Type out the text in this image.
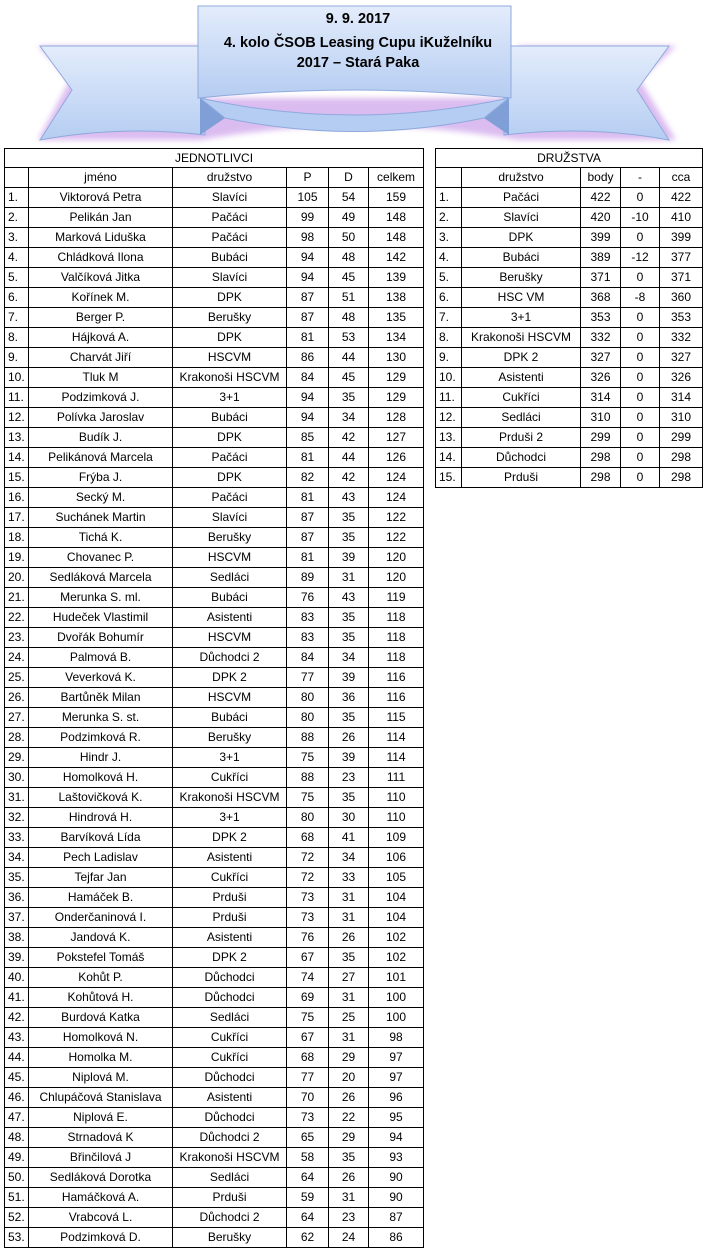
9. 9. 2017
4. kolo ČSOB Leasing Cupu iKuželníku
2017 – Stará Paka
JEDNOTLIVCI					
	jméno	družstvo	P	D	celkem
1.	Viktorová Petra	Slavíci	105	54	159
2.	Pelikán Jan	Pačáci	99	49	148
3.	Marková Liduška	Pačáci	98	50	148
4.	Chládková Ilona	Bubáci	94	48	142
5.	Valčíková Jitka	Slavíci	94	45	139
6.	Kořínek M.	DPK	87	51	138
7.	Berger P.	Berušky	87	48	135
8.	Hájková A.	DPK	81	53	134
9.	Charvát Jiří	HSCVM	86	44	130
10.	Tluk M	Krakonoši HSCVM	84	45	129
11.	Podzimková J.	3+1	94	35	129
12.	Polívka Jaroslav	Bubáci	94	34	128
13.	Budík J.	DPK	85	42	127
14.	Pelikánová Marcela	Pačáci	81	44	126
15.	Frýba J.	DPK	82	42	124
16.	Secký M.	Pačáci	81	43	124
17.	Suchánek Martin	Slavíci	87	35	122
18.	Tichá K.	Berušky	87	35	122
19.	Chovanec P.	HSCVM	81	39	120
20.	Sedláková Marcela	Sedláci	89	31	120
21.	Merunka S. ml.	Bubáci	76	43	119
22.	Hudeček Vlastimil	Asistenti	83	35	118
23.	Dvořák Bohumír	HSCVM	83	35	118
24.	Palmová B.	Důchodci 2	84	34	118
25.	Veverková K.	DPK 2	77	39	116
26.	Bartůněk Milan	HSCVM	80	36	116
27.	Merunka S. st.	Bubáci	80	35	115
28.	Podzimková R.	Berušky	88	26	114
29.	Hindr J.	3+1	75	39	114
30.	Homolková H.	Cukříci	88	23	111
31.	Laštovičková K.	Krakonoši HSCVM	75	35	110
32.	Hindrová H.	3+1	80	30	110
33.	Barvíková Lída	DPK 2	68	41	109
34.	Pech Ladislav	Asistenti	72	34	106
35.	Tejfar Jan	Cukříci	72	33	105
36.	Hamáček B.	Prduši	73	31	104
37.	Onderčaninová I.	Prduši	73	31	104
38.	Jandová K.	Asistenti	76	26	102
39.	Pokstefel Tomáš	DPK 2	67	35	102
40.	Kohůt P.	Důchodci	74	27	101
41.	Kohůtová H.	Důchodci	69	31	100
42.	Burdová Katka	Sedláci	75	25	100
43.	Homolková N.	Cukříci	67	31	98
44.	Homolka M.	Cukříci	68	29	97
45.	Niplová M.	Důchodci	77	20	97
46.	Chlupáčová Stanislava	Asistenti	70	26	96
47.	Niplová E.	Důchodci	73	22	95
48.	Strnadová K	Důchodci 2	65	29	94
49.	Břinčilová J	Krakonoši HSCVM	58	35	93
50.	Sedláková Dorotka	Sedláci	64	26	90
51.	Hamáčková A.	Prduši	59	31	90
52.	Vrabcová L.	Důchodci 2	64	23	87
53.	Podzimková D.	Berušky	62	24	86
DRUŽSTVA				
	družstvo	body	-	cca
1.	Pačáci	422	0	422
2.	Slavíci	420	-10	410
3.	DPK	399	0	399
4.	Bubáci	389	-12	377
5.	Berušky	371	0	371
6.	HSC VM	368	-8	360
7.	3+1	353	0	353
8.	Krakonoši HSCVM	332	0	332
9.	DPK 2	327	0	327
10.	Asistenti	326	0	326
11.	Cukříci	314	0	314
12.	Sedláci	310	0	310
13.	Prduši 2	299	0	299
14.	Důchodci	298	0	298
15.	Prduši	298	0	298
